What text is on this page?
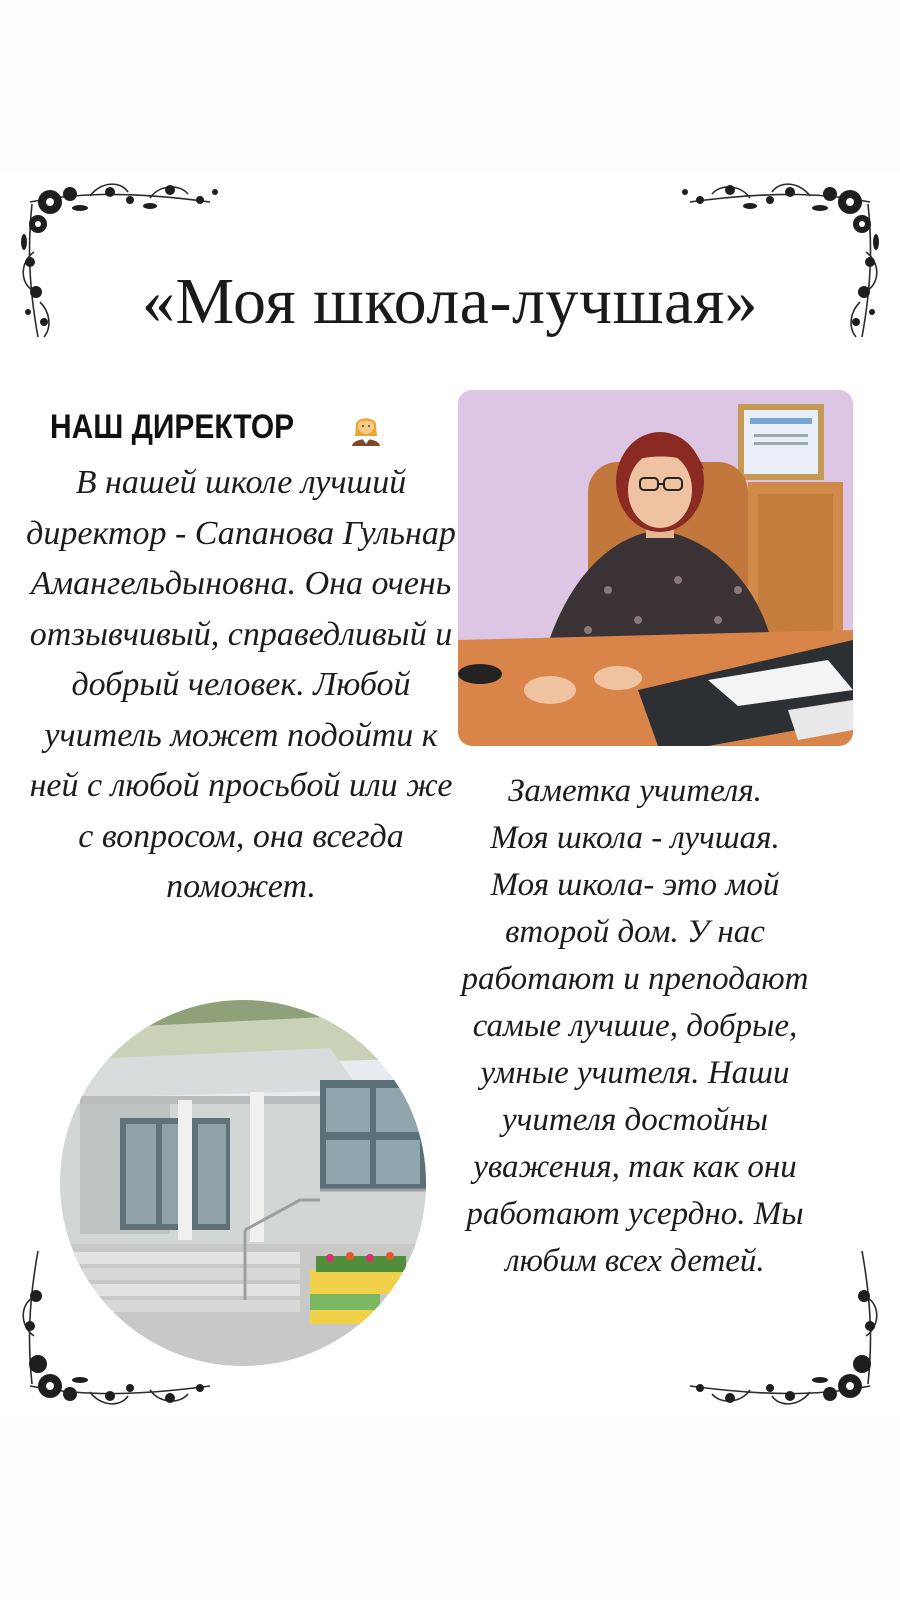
«Моя школа-лучшая»
НАШ ДИРЕКТОР
В нашей школе лучший директор - Сапанова Гульнар Амангельдыновна. Она очень отзывчивый, справедливый и добрый человек. Любой учитель может подойти к ней с любой просьбой или же с вопросом, она всегда поможет.
Заметка учителя.
Моя школа - лучшая.
Моя школа- это мой
второй дом. У нас
работают и преподают
самые лучшие, добрые,
умные учителя. Наши
учителя достойны
уважения, так как они
работают усердно. Мы
любим всех детей.
